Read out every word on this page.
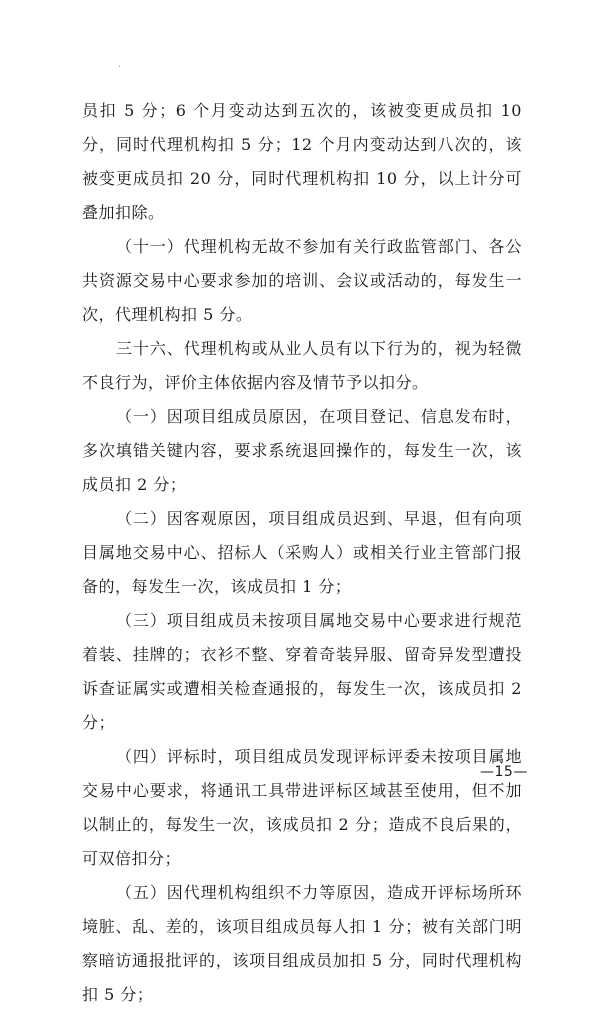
·

员扣 5 分；6 个月变动达到五次的，该被变更成员扣 10 分，同时代理机构扣 5 分；12 个月内变动达到八次的，该被变更成员扣 20 分，同时代理机构扣 10 分，以上计分可叠加扣除。

（十一）代理机构无故不参加有关行政监管部门、各公共资源交易中心要求参加的培训、会议或活动的，每发生一次，代理机构扣 5 分。

三十六、代理机构或从业人员有以下行为的，视为轻微不良行为，评价主体依据内容及情节予以扣分。

（一）因项目组成员原因，在项目登记、信息发布时，多次填错关键内容，要求系统退回操作的，每发生一次，该成员扣 2 分；

（二）因客观原因，项目组成员迟到、早退，但有向项目属地交易中心、招标人（采购人）或相关行业主管部门报备的，每发生一次，该成员扣 1 分；

（三）项目组成员未按项目属地交易中心要求进行规范着装、挂牌的；衣衫不整、穿着奇装异服、留奇异发型遭投诉查证属实或遭相关检查通报的，每发生一次，该成员扣 2 分；

（四）评标时，项目组成员发现评标评委未按项目属地交易中心要求，将通讯工具带进评标区域甚至使用，但不加以制止的，每发生一次，该成员扣 2 分；造成不良后果的，可双倍扣分；

（五）因代理机构组织不力等原因，造成开评标场所环境脏、乱、差的，该项目组成员每人扣 1 分；被有关部门明察暗访通报批评的，该项目组成员加扣 5 分，同时代理机构扣 5 分；

—15—
